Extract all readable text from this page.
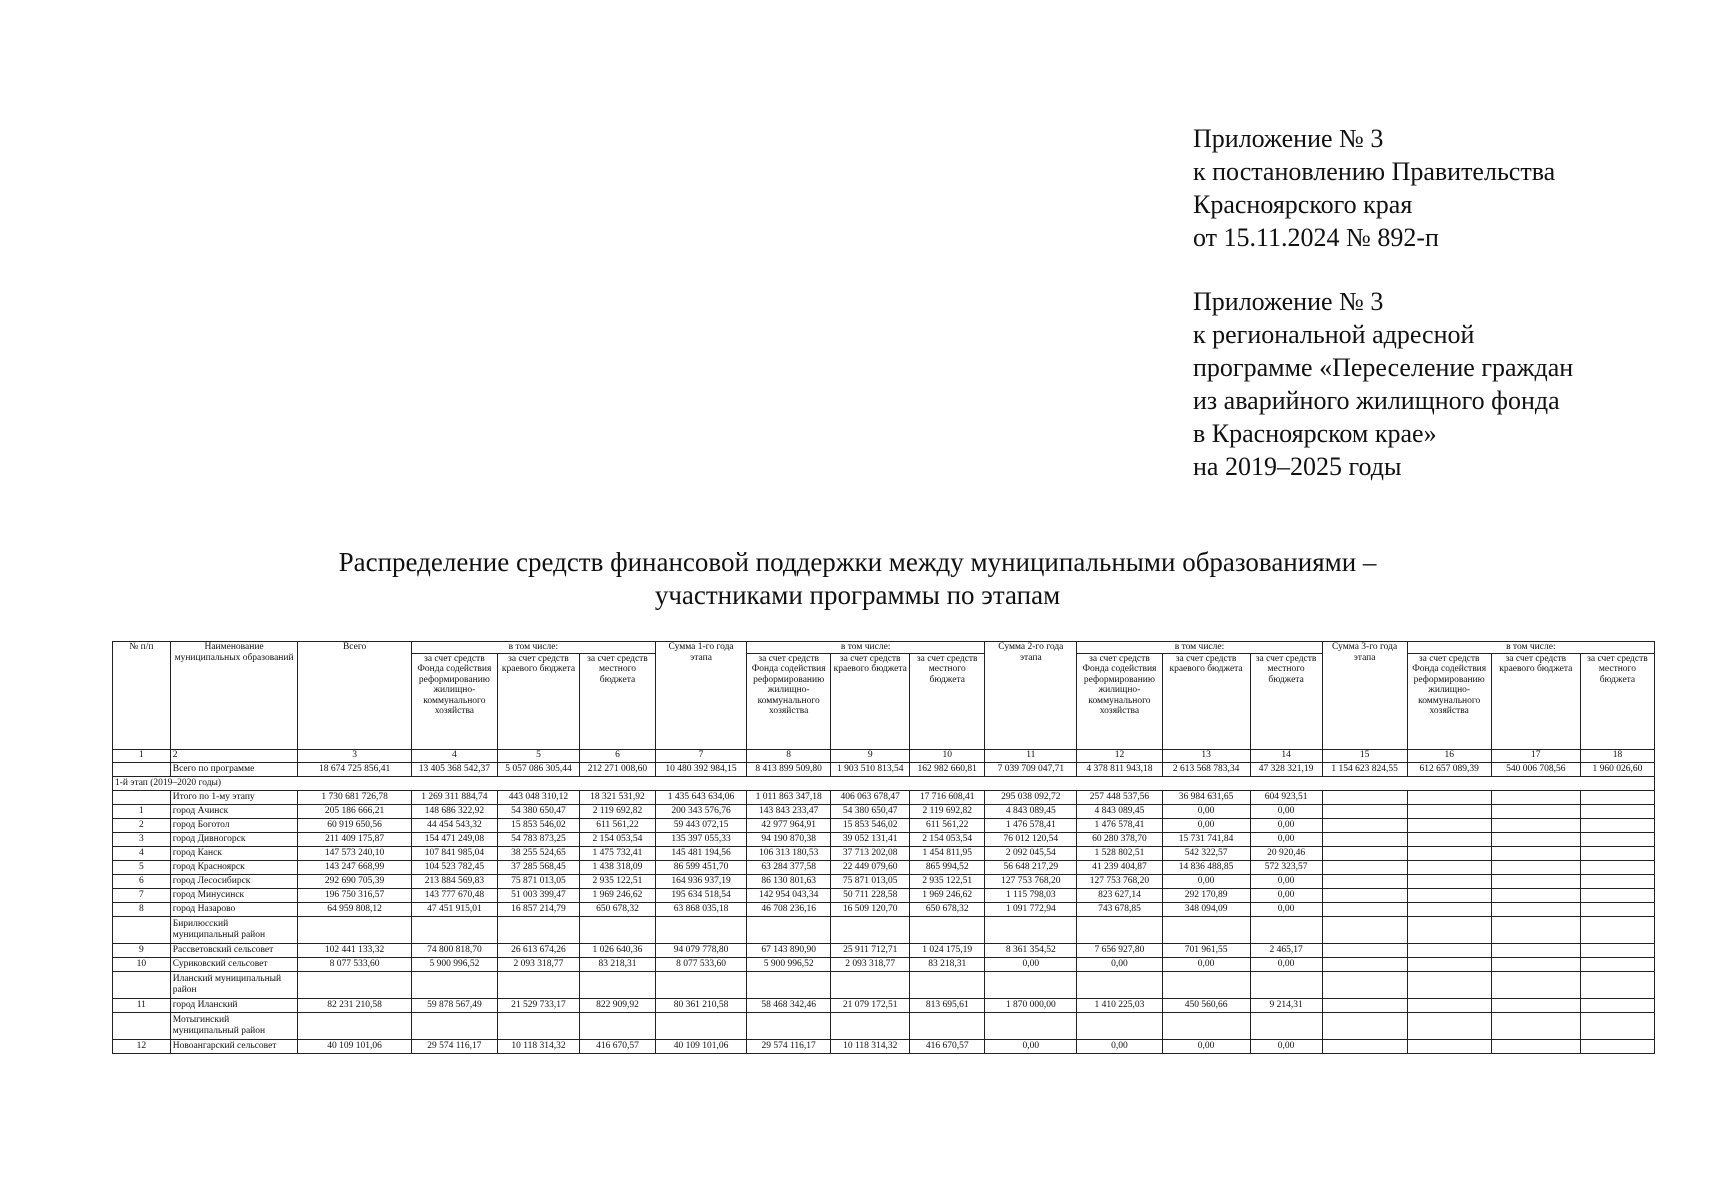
Приложение № 3
к постановлению Правительства
Красноярского края
от 15.11.2024 № 892-п
Приложение № 3
к региональной адресной
программе «Переселение граждан
из аварийного жилищного фонда
в Красноярском крае»
на 2019–2025 годы
Распределение средств финансовой поддержки между муниципальными образованиями –
участниками программы по этапам
№ п/п	Наименование муниципальных образований	Всего	в том числе:			Сумма 1-го года этапа	в том числе:			Сумма 2-го года этапа	в том числе:			Сумма 3-го года этапа	в том числе:		
			за счет средств Фонда содействия реформированию жилищно-коммунального хозяйства	за счет средств краевого бюджета	за счет средств местного бюджета		за счет средств Фонда содействия реформированию жилищно-коммунального хозяйства	за счет средств краевого бюджета	за счет средств местного бюджета		за счет средств Фонда содействия реформированию жилищно-коммунального хозяйства	за счет средств краевого бюджета	за счет средств местного бюджета		за счет средств Фонда содействия реформированию жилищно-коммунального хозяйства	за счет средств краевого бюджета	за счет средств местного бюджета
1	2	3	4	5	6	7	8	9	10	11	12	13	14	15	16	17	18
	Всего по программе	18 674 725 856,41	13 405 368 542,37	5 057 086 305,44	212 271 008,60	10 480 392 984,15	8 413 899 509,80	1 903 510 813,54	162 982 660,81	7 039 709 047,71	4 378 811 943,18	2 613 568 783,34	47 328 321,19	1 154 623 824,55	612 657 089,39	540 006 708,56	1 960 026,60
1-й этап (2019–2020 годы)																	
	Итого по 1-му этапу	1 730 681 726,78	1 269 311 884,74	443 048 310,12	18 321 531,92	1 435 643 634,06	1 011 863 347,18	406 063 678,47	17 716 608,41	295 038 092,72	257 448 537,56	36 984 631,65	604 923,51				
1	город Ачинск	205 186 666,21	148 686 322,92	54 380 650,47	2 119 692,82	200 343 576,76	143 843 233,47	54 380 650,47	2 119 692,82	4 843 089,45	4 843 089,45	0,00	0,00				
2	город Боготол	60 919 650,56	44 454 543,32	15 853 546,02	611 561,22	59 443 072,15	42 977 964,91	15 853 546,02	611 561,22	1 476 578,41	1 476 578,41	0,00	0,00				
3	город Дивногорск	211 409 175,87	154 471 249,08	54 783 873,25	2 154 053,54	135 397 055,33	94 190 870,38	39 052 131,41	2 154 053,54	76 012 120,54	60 280 378,70	15 731 741,84	0,00				
4	город Канск	147 573 240,10	107 841 985,04	38 255 524,65	1 475 732,41	145 481 194,56	106 313 180,53	37 713 202,08	1 454 811,95	2 092 045,54	1 528 802,51	542 322,57	20 920,46				
5	город Красноярск	143 247 668,99	104 523 782,45	37 285 568,45	1 438 318,09	86 599 451,70	63 284 377,58	22 449 079,60	865 994,52	56 648 217,29	41 239 404,87	14 836 488,85	572 323,57				
6	город Лесосибирск	292 690 705,39	213 884 569,83	75 871 013,05	2 935 122,51	164 936 937,19	86 130 801,63	75 871 013,05	2 935 122,51	127 753 768,20	127 753 768,20	0,00	0,00				
7	город Минусинск	196 750 316,57	143 777 670,48	51 003 399,47	1 969 246,62	195 634 518,54	142 954 043,34	50 711 228,58	1 969 246,62	1 115 798,03	823 627,14	292 170,89	0,00				
8	город Назарово	64 959 808,12	47 451 915,01	16 857 214,79	650 678,32	63 868 035,18	46 708 236,16	16 509 120,70	650 678,32	1 091 772,94	743 678,85	348 094,09	0,00				
	Бирилюсский муниципальный район																
9	Рассветовский сельсовет	102 441 133,32	74 800 818,70	26 613 674,26	1 026 640,36	94 079 778,80	67 143 890,90	25 911 712,71	1 024 175,19	8 361 354,52	7 656 927,80	701 961,55	2 465,17				
10	Суриковский сельсовет	8 077 533,60	5 900 996,52	2 093 318,77	83 218,31	8 077 533,60	5 900 996,52	2 093 318,77	83 218,31	0,00	0,00	0,00	0,00				
	Иланский муниципальный район																
11	город Иланский	82 231 210,58	59 878 567,49	21 529 733,17	822 909,92	80 361 210,58	58 468 342,46	21 079 172,51	813 695,61	1 870 000,00	1 410 225,03	450 560,66	9 214,31				
	Мотыгинский муниципальный район																
12	Новоангарский сельсовет	40 109 101,06	29 574 116,17	10 118 314,32	416 670,57	40 109 101,06	29 574 116,17	10 118 314,32	416 670,57	0,00	0,00	0,00	0,00				
